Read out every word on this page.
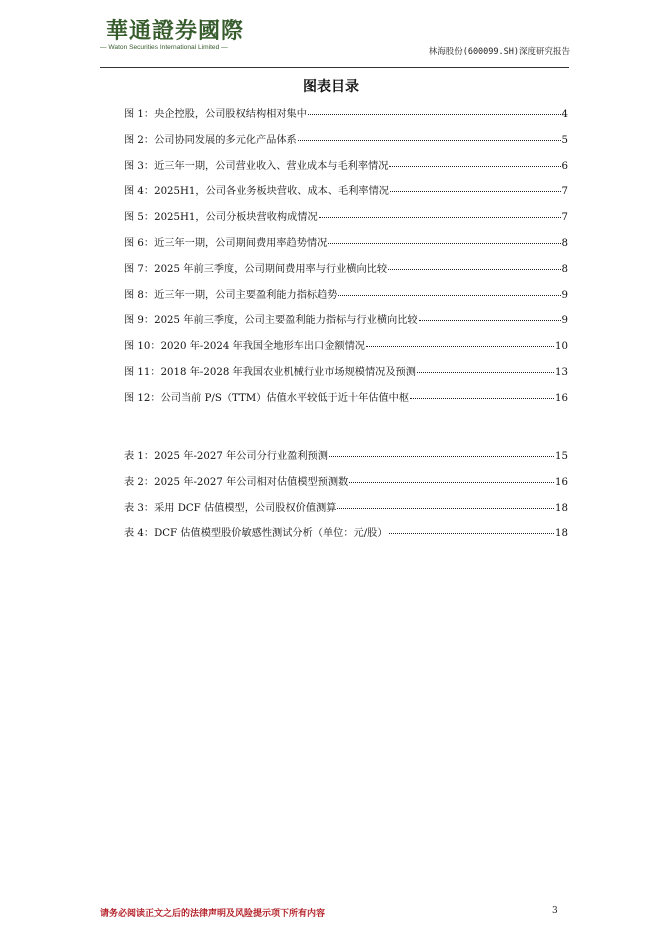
華通證券國際
— Waton Securities International Limited —	林海股份(600099.SH)深度研究报告
图表目录
图 1：央企控股，公司股权结构相对集中	4
图 2：公司协同发展的多元化产品体系	5
图 3：近三年一期，公司营业收入、营业成本与毛利率情况	6
图 4：2025H1，公司各业务板块营收、成本、毛利率情况	7
图 5：2025H1，公司分板块营收构成情况	7
图 6：近三年一期，公司期间费用率趋势情况	8
图 7：2025 年前三季度，公司期间费用率与行业横向比较	8
图 8：近三年一期，公司主要盈利能力指标趋势	9
图 9：2025 年前三季度，公司主要盈利能力指标与行业横向比较	9
图 10：2020 年-2024 年我国全地形车出口金额情况	10
图 11：2018 年-2028 年我国农业机械行业市场规模情况及预测	13
图 12：公司当前 P/S（TTM）估值水平较低于近十年估值中枢	16
表 1：2025 年-2027 年公司分行业盈利预测	15
表 2：2025 年-2027 年公司相对估值模型预测数	16
表 3：采用 DCF 估值模型，公司股权价值测算	18
表 4：DCF 估值模型股价敏感性测试分析（单位：元/股）	18
请务必阅读正文之后的法律声明及风险提示项下所有内容	3
